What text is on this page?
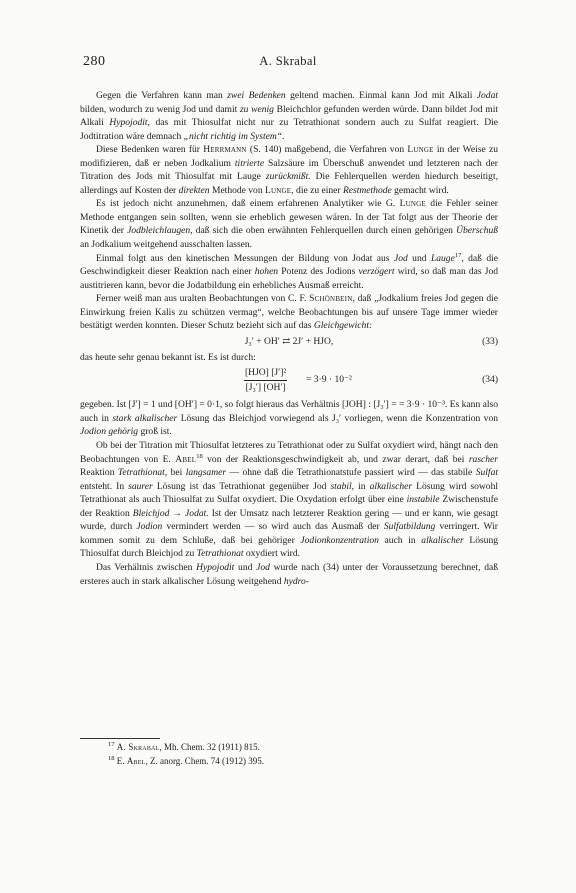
280	A. Skrabal

Gegen die Verfahren kann man zwei Bedenken geltend machen. Einmal kann Jod mit Alkali Jodat bilden, wodurch zu wenig Jod und damit zu wenig Bleichchlor gefunden werden würde. Dann bildet Jod mit Alkali Hypojodit, das mit Thiosulfat nicht nur zu Tetrathionat sondern auch zu Sulfat reagiert. Die Jodtitration wäre demnach „nicht richtig im System“.

Diese Bedenken waren für Herrmann (S. 140) maßgebend, die Verfahren von Lunge in der Weise zu modifizieren, daß er neben Jodkalium titrierte Salzsäure im Überschuß anwendet und letzteren nach der Titration des Jods mit Thiosulfat mit Lauge zurückmißt. Die Fehlerquellen werden hiedurch beseitigt, allerdings auf Kosten der direkten Methode von Lunge, die zu einer Restmethode gemacht wird.

Es ist jedoch nicht anzunehmen, daß einem erfahrenen Analytiker wie G. Lunge die Fehler seiner Methode entgangen sein sollten, wenn sie erheblich gewesen wären. In der Tat folgt aus der Theorie der Kinetik der Jodbleichlaugen, daß sich die oben erwähnten Fehlerquellen durch einen gehörigen Überschuß an Jodkalium weitgehend ausschalten lassen.

Einmal folgt aus den kinetischen Messungen der Bildung von Jodat aus Jod und Lauge$^{17}$, daß die Geschwindigkeit dieser Reaktion nach einer hohen Potenz des Jodions verzögert wird, so daß man das Jod austitrieren kann, bevor die Jodatbildung ein erhebliches Ausmaß erreicht.

Ferner weiß man aus uralten Beobachtungen von C. F. Schönbein, daß „Jodkalium freies Jod gegen die Einwirkung freien Kalis zu schützen vermag“, welche Beobachtungen bis auf unsere Tage immer wieder bestätigt werden konnten. Dieser Schutz bezieht sich auf das Gleichgewicht:

J₃′ + OH′ ⇄ 2J′ + HJO,	(33)

das heute sehr genau bekannt ist. Es ist durch:

[HJO] [J′]²
[J₃′] [OH′]
= 3·9 · 10⁻²	(34)

gegeben. Ist [J′] = 1 und [OH′] = 0·1, so folgt hieraus das Verhältnis [JOH] : [J₃′] = = 3·9 · 10⁻³. Es kann also auch in stark alkalischer Lösung das Bleichjod vorwiegend als J₃′ vorliegen, wenn die Konzentration von Jodion gehörig groß ist.

Ob bei der Titration mit Thiosulfat letzteres zu Tetrathionat oder zu Sulfat oxydiert wird, hängt nach den Beobachtungen von E. Abel$^{18}$ von der Reaktionsgeschwindigkeit ab, und zwar derart, daß bei rascher Reaktion Tetrathionat, bei langsamer — ohne daß die Tetrathionatstufe passiert wird — das stabile Sulfat entsteht. In saurer Lösung ist das Tetrathionat gegenüber Jod stabil, in alkalischer Lösung wird sowohl Tetrathionat als auch Thiosulfat zu Sulfat oxydiert. Die Oxydation erfolgt über eine instabile Zwischenstufe der Reaktion Bleichjod → Jodat. Ist der Umsatz nach letzterer Reaktion gering — und er kann, wie gesagt wurde, durch Jodion vermindert werden — so wird auch das Ausmaß der Sulfatbildung verringert. Wir kommen somit zu dem Schluße, daß bei gehöriger Jodionkonzentration auch in alkalischer Lösung Thiosulfat durch Bleichjod zu Tetrathionat oxydiert wird.

Das Verhältnis zwischen Hypojodit und Jod wurde nach (34) unter der Voraussetzung berechnet, daß ersteres auch in stark alkalischer Lösung weitgehend hydro-

$^{17}$ A. Skrabal, Mh. Chem. 32 (1911) 815.
$^{18}$ E. Abel, Z. anorg. Chem. 74 (1912) 395.
